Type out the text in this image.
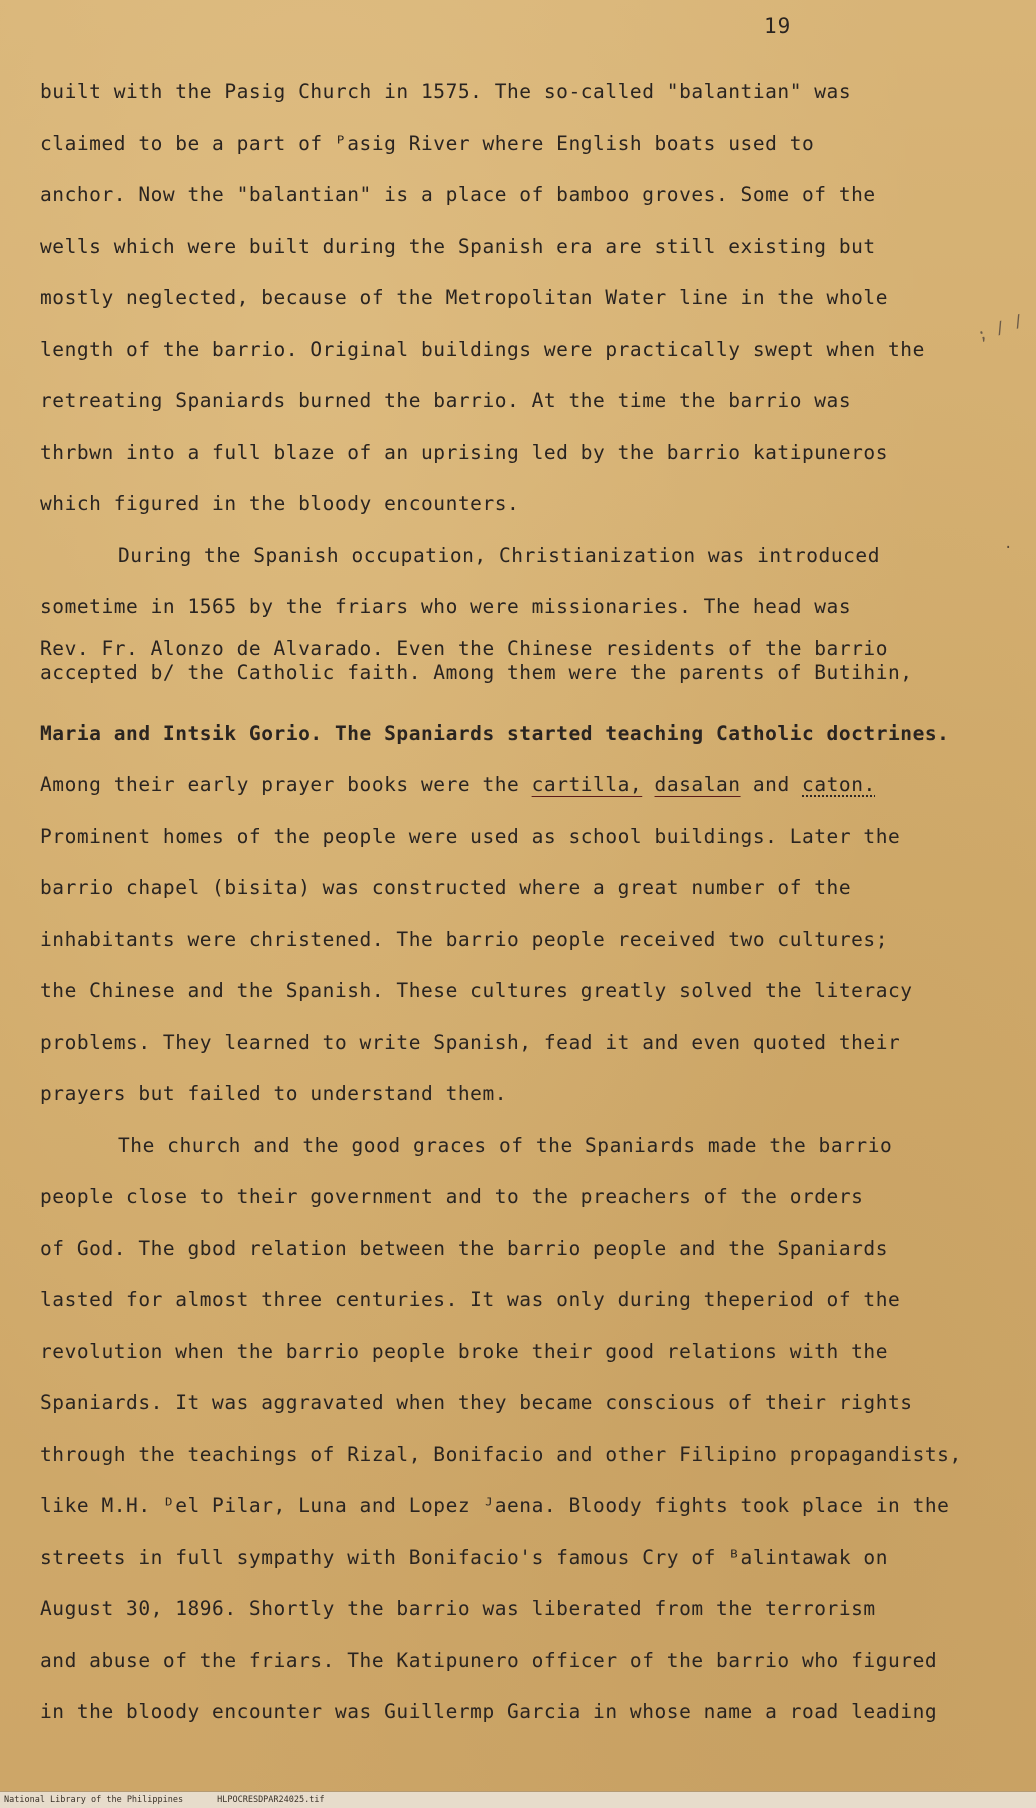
19
built with the Pasig Church in 1575. The so-called "balantian" was
claimed to be a part of ᴾasig River where English boats used to
anchor. Now the "balantian" is a place of bamboo groves. Some of the
wells which were built during the Spanish era are still existing but
mostly neglected, because of the Metropolitan Water line in the whole
length of the barrio. Original buildings were practically swept when the
retreating Spaniards burned the barrio. At the time the barrio was
thrbwn into a full blaze of an uprising led by the barrio katipuneros
which figured in the bloody encounters.
During the Spanish occupation, Christianization was introduced
sometime in 1565 by the friars who were missionaries. The head was
Rev. Fr. Alonzo de Alvarado. Even the Chinese residents of the barrio
accepted b/ the Catholic faith. Among them were the parents of Butihin,
Maria and Intsik Gorio. The Spaniards started teaching Catholic doctrines.
Among their early prayer books were the cartilla, dasalan and caton.
Prominent homes of the people were used as school buildings. Later the
barrio chapel (bisita) was constructed where a great number of the
inhabitants were christened. The barrio people received two cultures;
the Chinese and the Spanish. These cultures greatly solved the literacy
problems. They learned to write Spanish, fead it and even quoted their
prayers but failed to understand them.
The church and the good graces of the Spaniards made the barrio
people close to their government and to the preachers of the orders
of God. The gbod relation between the barrio people and the Spaniards
lasted for almost three centuries. It was only during theperiod of the
revolution when the barrio people broke their good relations with the
Spaniards. It was aggravated when they became conscious of their rights
through the teachings of Rizal, Bonifacio and other Filipino propagandists,
like M.H. ᴰel Pilar, Luna and Lopez ᴶaena. Bloody fights took place in the
streets in full sympathy with Bonifacio's famous Cry of ᴮalintawak on
August 30, 1896. Shortly the barrio was liberated from the terrorism
and abuse of the friars. The Katipunero officer of the barrio who figured
in the bloody encounter was Guillermp Garcia in whose name a road leading
; / /
·
National Library of the Philippines	HLPOCRESDPAR24025.tif
